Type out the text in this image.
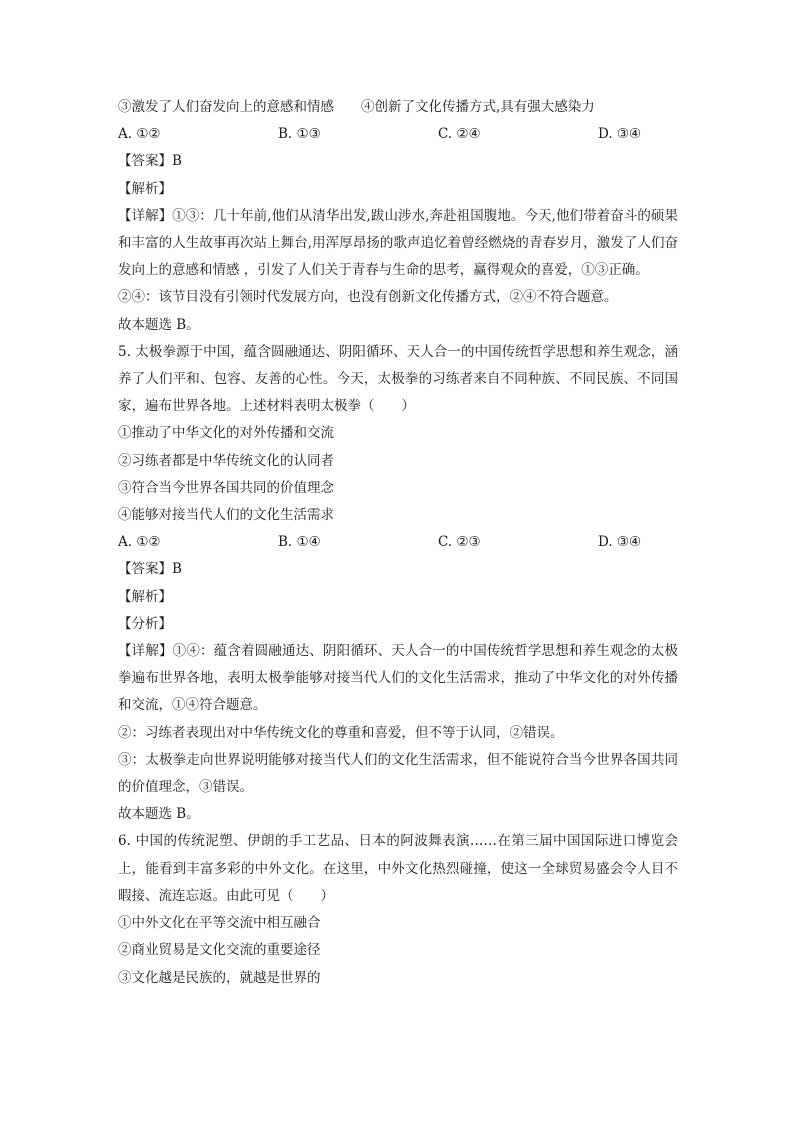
③激发了人们奋发向上的意感和情感　　④创新了文化传播方式,具有强大感染力
A. ①②	B. ①③	C. ②④	D. ③④
【答案】B
【解析】
【详解】①③：几十年前,他们从清华出发,跋山涉水,奔赴祖国腹地。今天,他们带着奋斗的硕果和丰富的人生故事再次站上舞台,用浑厚昂扬的歌声追忆着曾经燃烧的青春岁月，激发了人们奋发向上的意感和情感 ，引发了人们关于青春与生命的思考，赢得观众的喜爱，①③正确。
②④：该节目没有引领时代发展方向，也没有创新文化传播方式，②④不符合题意。
故本题选 B。
5. 太极拳源于中国，蕴含圆融通达、阴阳循环、天人合一的中国传统哲学思想和养生观念，涵养了人们平和、包容、友善的心性。今天，太极拳的习练者来自不同种族、不同民族、不同国家，遍布世界各地。上述材料表明太极拳（　　）
①推动了中华文化的对外传播和交流
②习练者都是中华传统文化的认同者
③符合当今世界各国共同的价值理念
④能够对接当代人们的文化生活需求
A. ①②	B. ①④	C. ②③	D. ③④
【答案】B
【解析】
【分析】
【详解】①④：蕴含着圆融通达、阴阳循环、天人合一的中国传统哲学思想和养生观念的太极拳遍布世界各地，表明太极拳能够对接当代人们的文化生活需求，推动了中华文化的对外传播和交流，①④符合题意。
②：习练者表现出对中华传统文化的尊重和喜爱，但不等于认同，②错误。
③：太极拳走向世界说明能够对接当代人们的文化生活需求，但不能说符合当今世界各国共同的价值理念，③错误。
故本题选 B。
6. 中国的传统泥塑、伊朗的手工艺品、日本的阿波舞表演……在第三届中国国际进口博览会上，能看到丰富多彩的中外文化。在这里，中外文化热烈碰撞，使这一全球贸易盛会令人目不暇接、流连忘返。由此可见（　　）
①中外文化在平等交流中相互融合
②商业贸易是文化交流的重要途径
③文化越是民族的，就越是世界的
